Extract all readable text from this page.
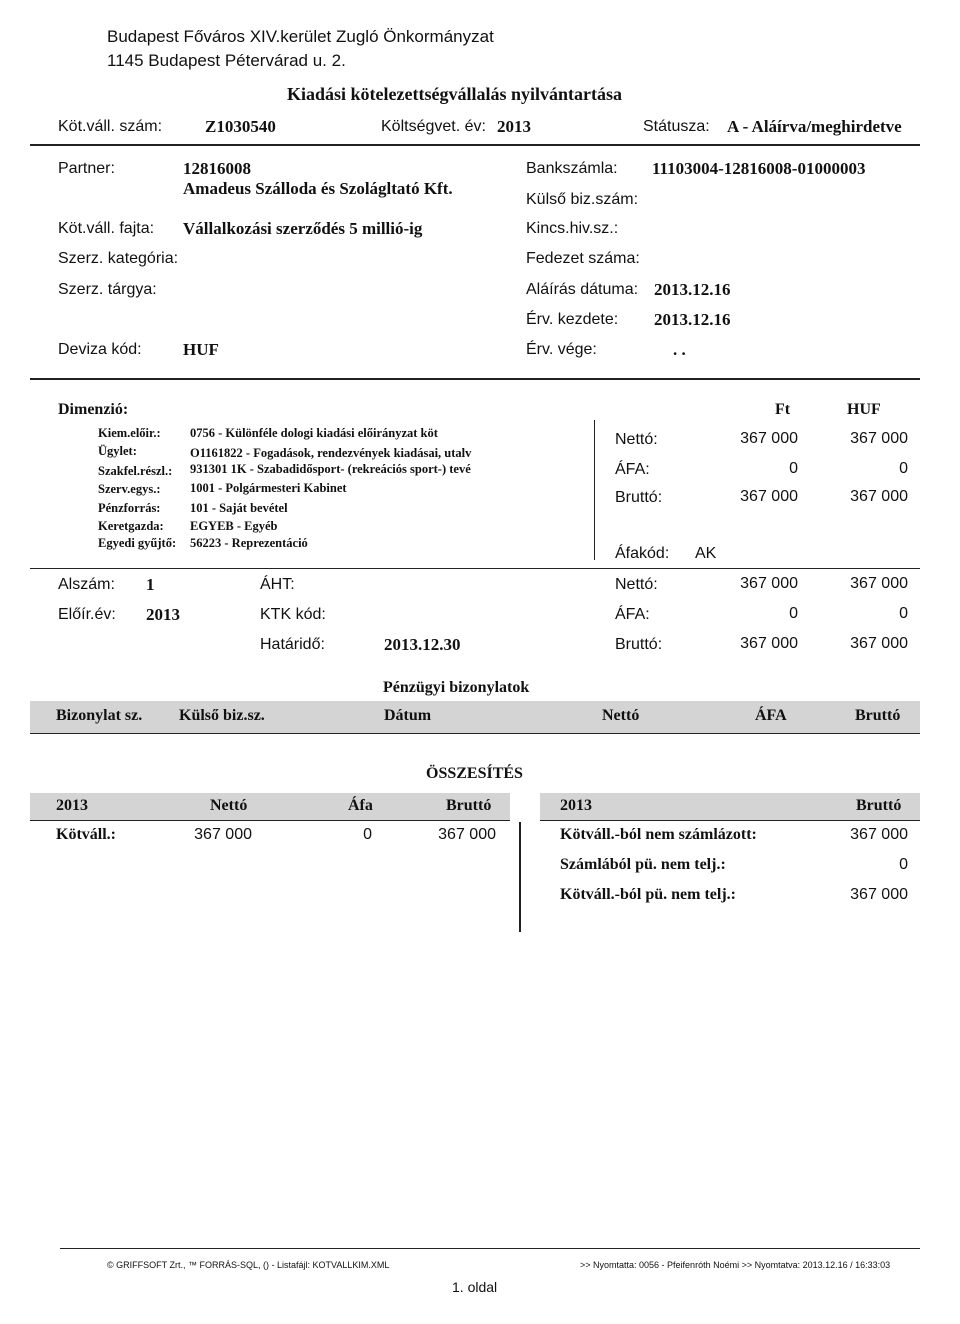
Budapest Főváros XIV.kerület Zugló Önkormányzat
1145 Budapest Pétervárad u. 2.
Kiadási kötelezettségvállalás nyilvántartása
Köt.váll. szám:	Z1030540	Költségvet. év: 2013	Státusza: A - Aláírva/meghirdetve
Partner:	12816008
Amadeus Szálloda és Szolágltató Kft.
Köt.váll. fajta: Vállalkozási szerződés 5 millió-ig
Szerz. kategória:
Szerz. tárgya:
Deviza kód: HUF
Bankszámla: 11103004-12816008-01000003
Külső biz.szám:
Kincs.hiv.sz.:
Fedezet száma:
Aláírás dátuma: 2013.12.16
Érv. kezdete: 2013.12.16
Érv. vége:	. .
Dimenzió:
Kiem.előir.: 0756 - Különféle dologi kiadási előirányzat köt
Ügylet:	O1161822 - Fogadások, rendezvények kiadásai, utalv
Szakfel.részl.: 931301 1K - Szabadidősport- (rekreációs sport-) tevé
Szerv.egys.: 1001 - Polgármesteri Kabinet
Pénzforrás: 101 - Saját bevétel
Keretgazda: EGYEB - Egyéb
Egyedi gyűjtő: 56223 - Reprezentáció
Ft	HUF
Nettó:	367 000	367 000
ÁFA:	0	0
Bruttó:	367 000	367 000
Áfakód: AK
Alszám: 1
Előír.év: 2013
ÁHT:
KTK kód:
Határidő:	2013.12.30
Nettó:	367 000	367 000
ÁFA:	0	0
Bruttó:	367 000	367 000
Pénzügyi bizonylatok
Bizonylat sz. Külső biz.sz.	Dátum	Nettó	ÁFA	Bruttó
ÖSSZESÍTÉS
2013	Nettó	Áfa	Bruttó
Kötváll.:	367 000	0	367 000
2013	Bruttó
Kötváll.-ból nem számlázott:	367 000
Számlából pü. nem telj.:	0
Kötváll.-ból pü. nem telj.:	367 000
© GRIFFSOFT Zrt., ™ FORRÁS-SQL, () - Listafájl: KOTVALLKIM.XML	>> Nyomtatta: 0056 - Pfeifenróth Noémi >> Nyomtatva: 2013.12.16 / 16:33:03
1. oldal
